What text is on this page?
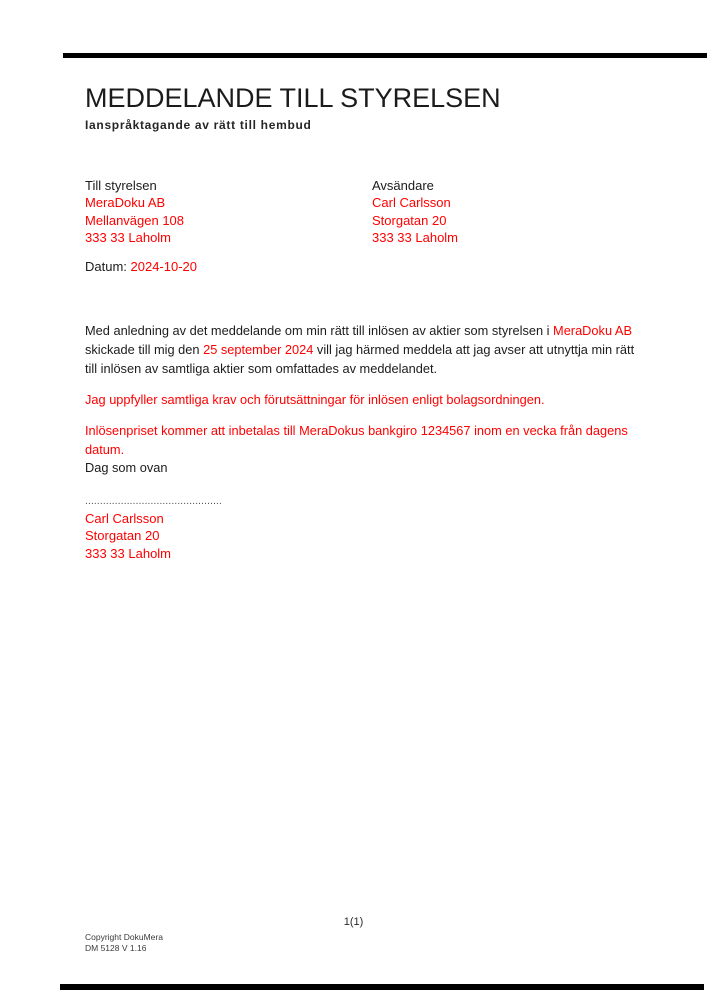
MEDDELANDE TILL STYRELSEN
Ianspråktagande av rätt till hembud
Till styrelsen
MeraDoku AB
Mellanvägen 108
333 33 Laholm
Avsändare
Carl Carlsson
Storgatan 20
333 33 Laholm
Datum: 2024-10-20

Med anledning av det meddelande om min rätt till inlösen av aktier som styrelsen i MeraDoku AB
skickade till mig den 25 september 2024 vill jag härmed meddela att jag avser att utnyttja min rätt
till inlösen av samtliga aktier som omfattades av meddelandet.

Jag uppfyller samtliga krav och förutsättningar för inlösen enligt bolagsordningen.

Inlösenpriset kommer att inbetalas till MeraDokus bankgiro 1234567 inom en vecka från dagens
datum.

Dag som ovan

..............................................
Carl Carlsson
Storgatan 20
333 33 Laholm
1(1)
Copyright DokuMera
DM 5128 V 1.16
